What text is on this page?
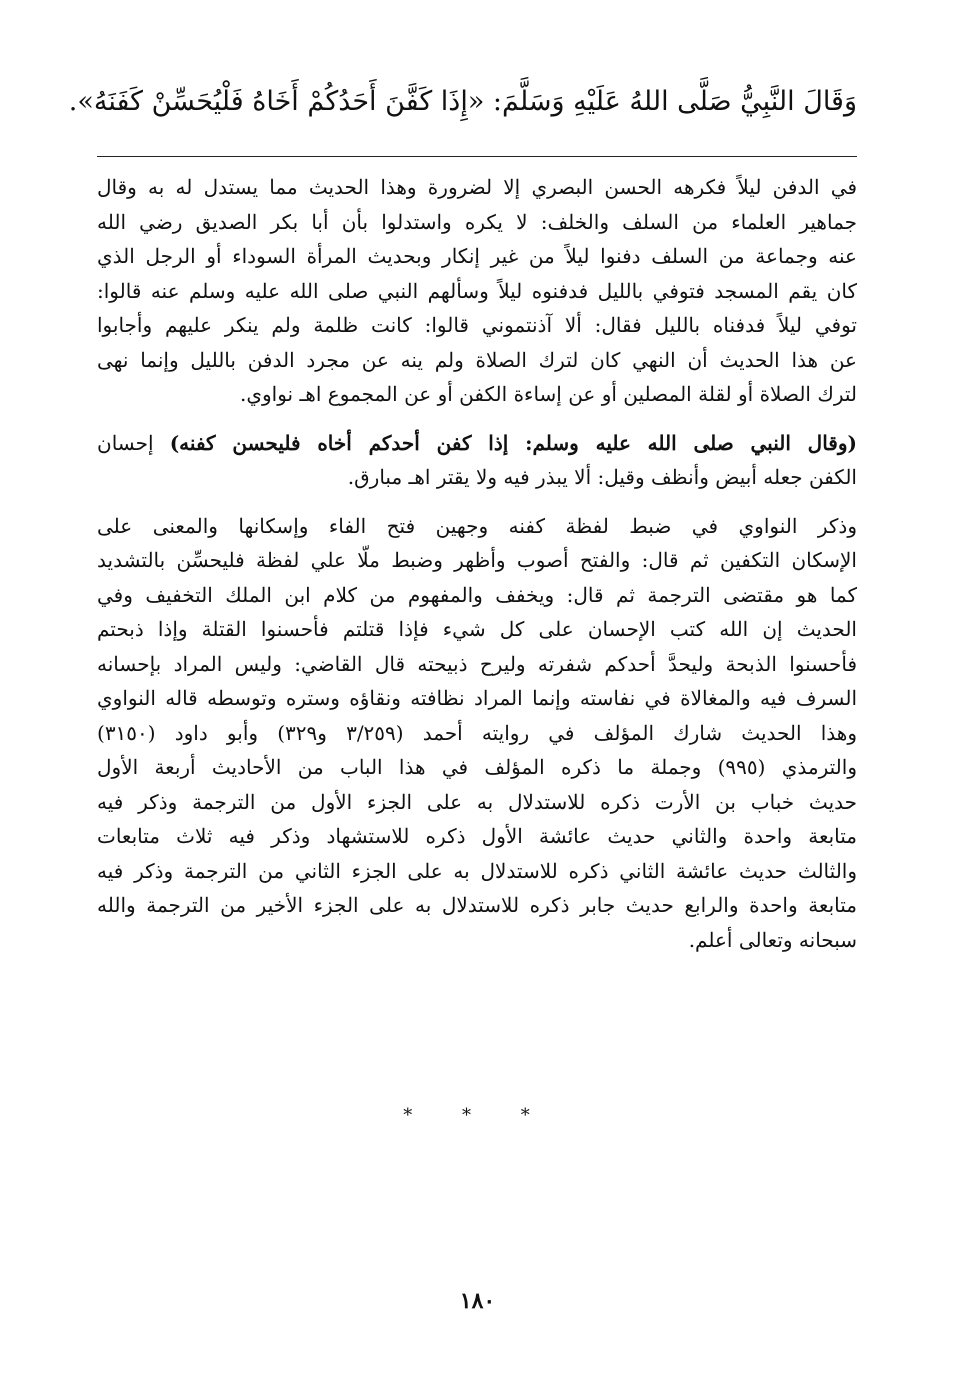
وَقَالَ النَّبِيُّ صَلَّى اللهُ عَلَيْهِ وَسَلَّمَ: «إِذَا كَفَّنَ أَحَدُكُمْ أَخَاهُ فَلْيُحَسِّنْ كَفَنَهُ».
في الدفن ليلاً فكرهه الحسن البصري إلا لضرورة وهذا الحديث مما يستدل له به وقال
جماهير العلماء من السلف والخلف: لا يكره واستدلوا بأن أبا بكر الصديق رضي الله
عنه وجماعة من السلف دفنوا ليلاً من غير إنكار وبحديث المرأة السوداء أو الرجل الذي
كان يقم المسجد فتوفي بالليل فدفنوه ليلاً وسألهم النبي صلى الله عليه وسلم عنه قالوا:
توفي ليلاً فدفناه بالليل فقال: ألا آذنتموني قالوا: كانت ظلمة ولم ينكر عليهم وأجابوا
عن هذا الحديث أن النهي كان لترك الصلاة ولم ينه عن مجرد الدفن بالليل وإنما نهى
لترك الصلاة أو لقلة المصلين أو عن إساءة الكفن أو عن المجموع اهـ نواوي.
(وقال النبي صلى الله عليه وسلم: إذا كفن أحدكم أخاه فليحسن كفنه) إحسان
الكفن جعله أبيض وأنظف وقيل: ألا يبذر فيه ولا يقتر اهـ مبارق.
وذكر النواوي في ضبط لفظة كفنه وجهين فتح الفاء وإسكانها والمعنى على
الإسكان التكفين ثم قال: والفتح أصوب وأظهر وضبط ملّا علي لفظة فليحسِّن بالتشديد
كما هو مقتضى الترجمة ثم قال: ويخفف والمفهوم من كلام ابن الملك التخفيف وفي
الحديث إن الله كتب الإحسان على كل شيء فإذا قتلتم فأحسنوا القتلة وإذا ذبحتم
فأحسنوا الذبحة وليحدَّ أحدكم شفرته وليرح ذبيحته قال القاضي: وليس المراد بإحسانه
السرف فيه والمغالاة في نفاسته وإنما المراد نظافته ونقاؤه وستره وتوسطه قاله النواوي
وهذا الحديث شارك المؤلف في روايته أحمد (٣/٢٥٩ و٣٢٩) وأبو داود (٣١٥٠)
والترمذي (٩٩٥) وجملة ما ذكره المؤلف في هذا الباب من الأحاديث أربعة الأول
حديث خباب بن الأرت ذكره للاستدلال به على الجزء الأول من الترجمة وذكر فيه
متابعة واحدة والثاني حديث عائشة الأول ذكره للاستشهاد وذكر فيه ثلاث متابعات
والثالث حديث عائشة الثاني ذكره للاستدلال به على الجزء الثاني من الترجمة وذكر فيه
متابعة واحدة والرابع حديث جابر ذكره للاستدلال به على الجزء الأخير من الترجمة والله
سبحانه وتعالى أعلم.
* * *
١٨٠
